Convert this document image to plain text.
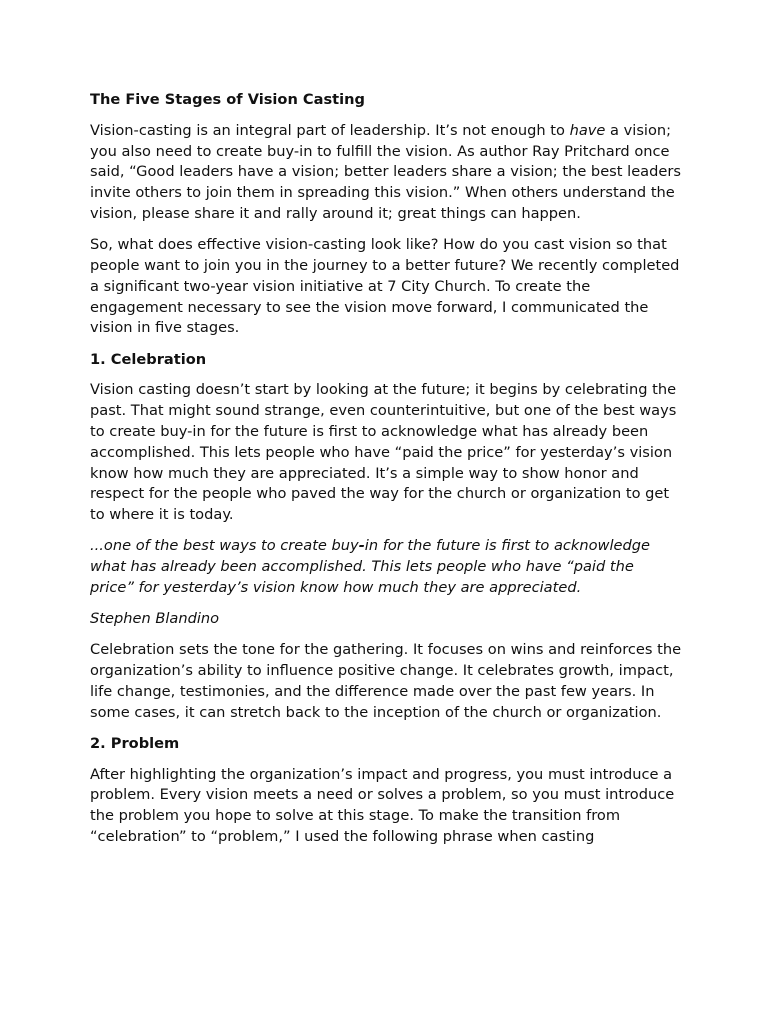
The Five Stages of Vision Casting

Vision-casting is an integral part of leadership. It’s not enough to have a vision; you also need to create buy-in to fulfill the vision. As author Ray Pritchard once said, “Good leaders have a vision; better leaders share a vision; the best leaders invite others to join them in spreading this vision.” When others understand the vision, please share it and rally around it; great things can happen.

So, what does effective vision-casting look like? How do you cast vision so that people want to join you in the journey to a better future? We recently completed a significant two-year vision initiative at 7 City Church. To create the engagement necessary to see the vision move forward, I communicated the vision in five stages.

1. Celebration

Vision casting doesn’t start by looking at the future; it begins by celebrating the past. That might sound strange, even counterintuitive, but one of the best ways to create buy-in for the future is first to acknowledge what has already been accomplished. This lets people who have “paid the price” for yesterday’s vision know how much they are appreciated. It’s a simple way to show honor and respect for the people who paved the way for the church or organization to get to where it is today.

...one of the best ways to create buy-in for the future is first to acknowledge what has already been accomplished. This lets people who have “paid the price” for yesterday’s vision know how much they are appreciated.

Stephen Blandino

Celebration sets the tone for the gathering. It focuses on wins and reinforces the organization’s ability to influence positive change. It celebrates growth, impact, life change, testimonies, and the difference made over the past few years. In some cases, it can stretch back to the inception of the church or organization.

2. Problem

After highlighting the organization’s impact and progress, you must introduce a problem. Every vision meets a need or solves a problem, so you must introduce the problem you hope to solve at this stage. To make the transition from “celebration” to “problem,” I used the following phrase when casting
